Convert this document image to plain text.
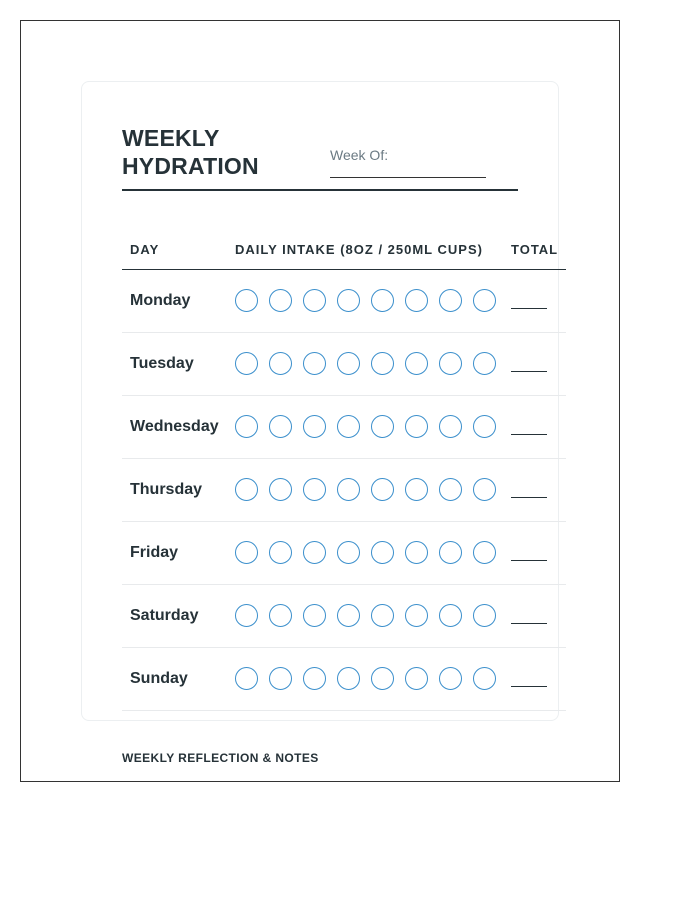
WEEKLY
HYDRATION	Week Of:
DAY	DAILY INTAKE (8OZ / 250ML CUPS) TOTAL
Monday
Tuesday
Wednesday
Thursday
Friday
Saturday
Sunday
WEEKLY REFLECTION & NOTES
